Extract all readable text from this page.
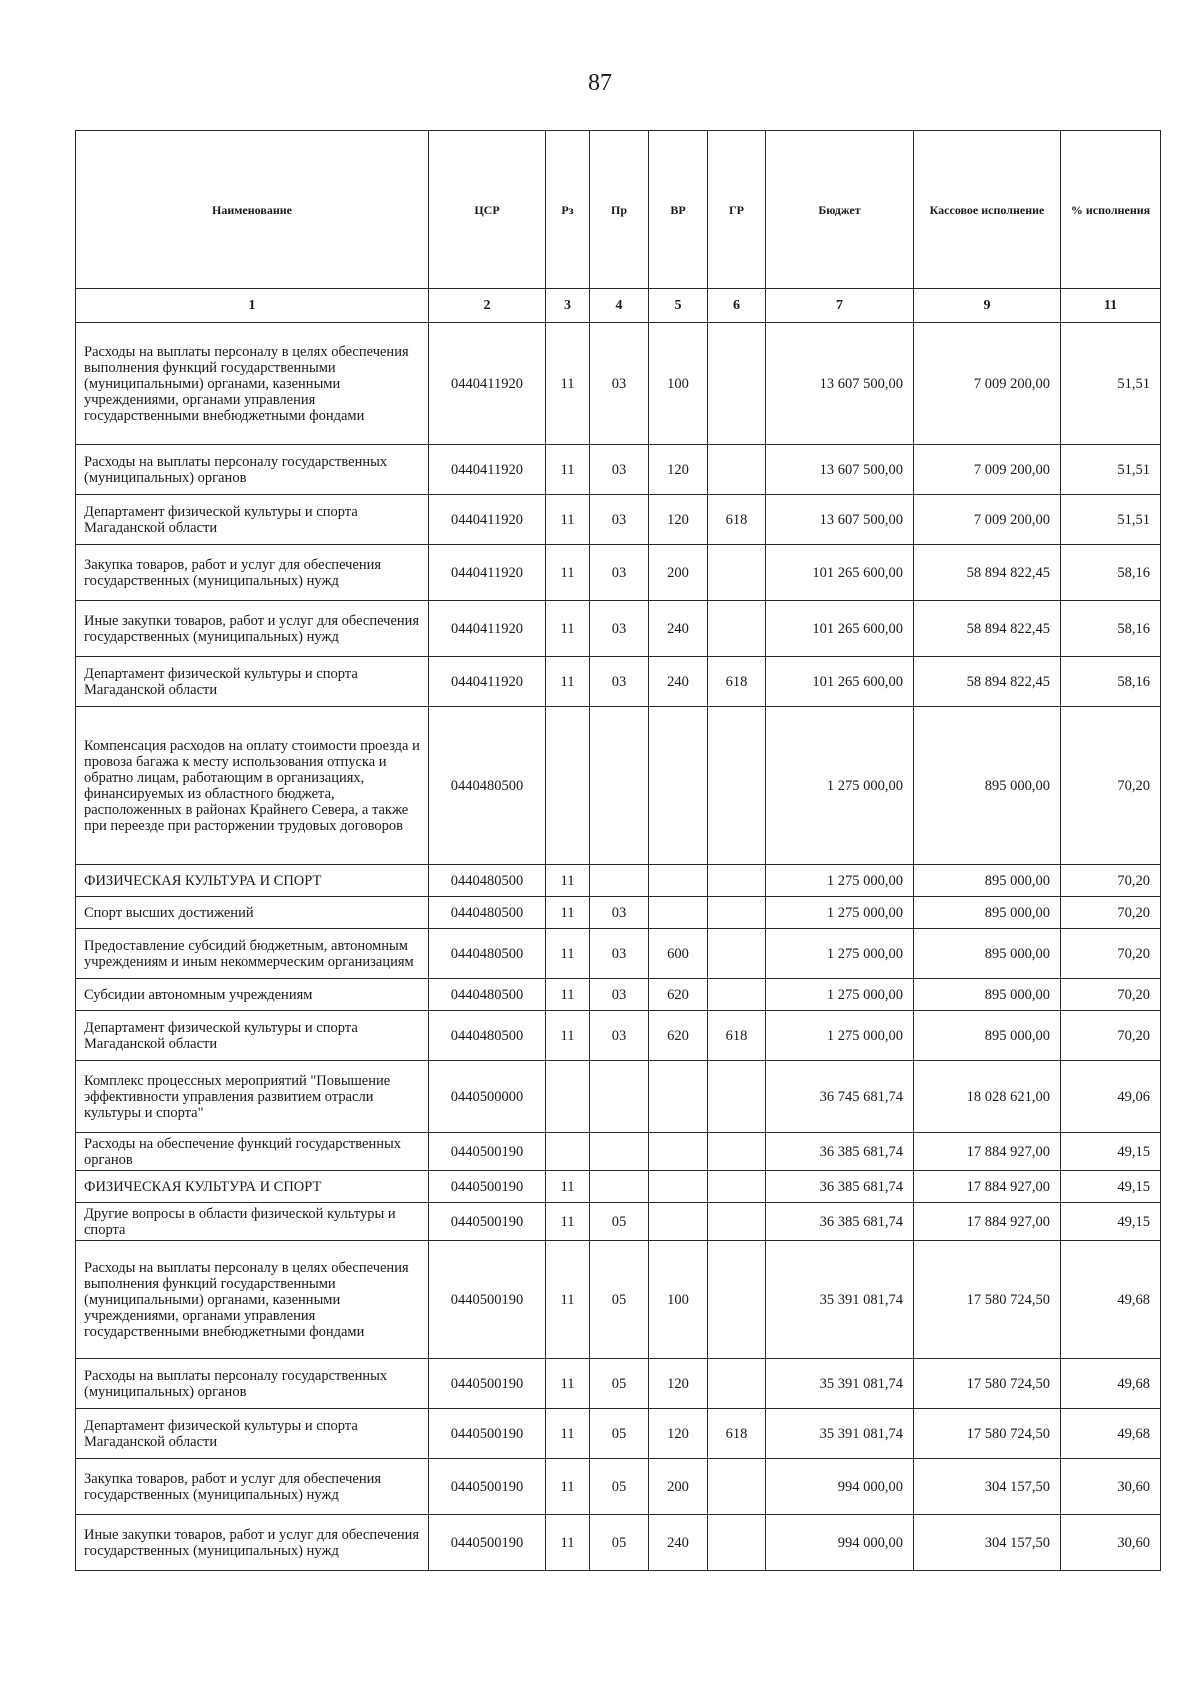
87
Наименование	ЦСР	Рз	Пр	ВР	ГР	Бюджет	Кассовое исполнение	% исполнения
1	2	3	4	5	6	7	9	11
Расходы на выплаты персоналу в целях обеспечения выполнения функций государственными (муниципальными) органами, казенными учреждениями, органами управления государственными внебюджетными фондами	0440411920	11	03	100		13 607 500,00	7 009 200,00	51,51
Расходы на выплаты персоналу государственных (муниципальных) органов	0440411920	11	03	120		13 607 500,00	7 009 200,00	51,51
Департамент физической культуры и спорта Магаданской области	0440411920	11	03	120	618	13 607 500,00	7 009 200,00	51,51
Закупка товаров, работ и услуг для обеспечения государственных (муниципальных) нужд	0440411920	11	03	200		101 265 600,00	58 894 822,45	58,16
Иные закупки товаров, работ и услуг для обеспечения государственных (муниципальных) нужд	0440411920	11	03	240		101 265 600,00	58 894 822,45	58,16
Департамент физической культуры и спорта Магаданской области	0440411920	11	03	240	618	101 265 600,00	58 894 822,45	58,16
Компенсация расходов на оплату стоимости проезда и провоза багажа к месту использования отпуска и обратно лицам, работающим в организациях, финансируемых из областного бюджета, расположенных в районах Крайнего Севера, а также при переезде при расторжении трудовых договоров	0440480500					1 275 000,00	895 000,00	70,20
ФИЗИЧЕСКАЯ КУЛЬТУРА И СПОРТ	0440480500	11				1 275 000,00	895 000,00	70,20
Спорт высших достижений	0440480500	11	03			1 275 000,00	895 000,00	70,20
Предоставление субсидий бюджетным, автономным учреждениям и иным некоммерческим организациям	0440480500	11	03	600		1 275 000,00	895 000,00	70,20
Субсидии автономным учреждениям	0440480500	11	03	620		1 275 000,00	895 000,00	70,20
Департамент физической культуры и спорта Магаданской области	0440480500	11	03	620	618	1 275 000,00	895 000,00	70,20
Комплекс процессных мероприятий "Повышение эффективности управления развитием отрасли культуры и спорта"	0440500000					36 745 681,74	18 028 621,00	49,06
Расходы на обеспечение функций государственных органов	0440500190					36 385 681,74	17 884 927,00	49,15
ФИЗИЧЕСКАЯ КУЛЬТУРА И СПОРТ	0440500190	11				36 385 681,74	17 884 927,00	49,15
Другие вопросы в области физической культуры и спорта	0440500190	11	05			36 385 681,74	17 884 927,00	49,15
Расходы на выплаты персоналу в целях обеспечения выполнения функций государственными (муниципальными) органами, казенными учреждениями, органами управления государственными внебюджетными фондами	0440500190	11	05	100		35 391 081,74	17 580 724,50	49,68
Расходы на выплаты персоналу государственных (муниципальных) органов	0440500190	11	05	120		35 391 081,74	17 580 724,50	49,68
Департамент физической культуры и спорта Магаданской области	0440500190	11	05	120	618	35 391 081,74	17 580 724,50	49,68
Закупка товаров, работ и услуг для обеспечения государственных (муниципальных) нужд	0440500190	11	05	200		994 000,00	304 157,50	30,60
Иные закупки товаров, работ и услуг для обеспечения государственных (муниципальных) нужд	0440500190	11	05	240		994 000,00	304 157,50	30,60
